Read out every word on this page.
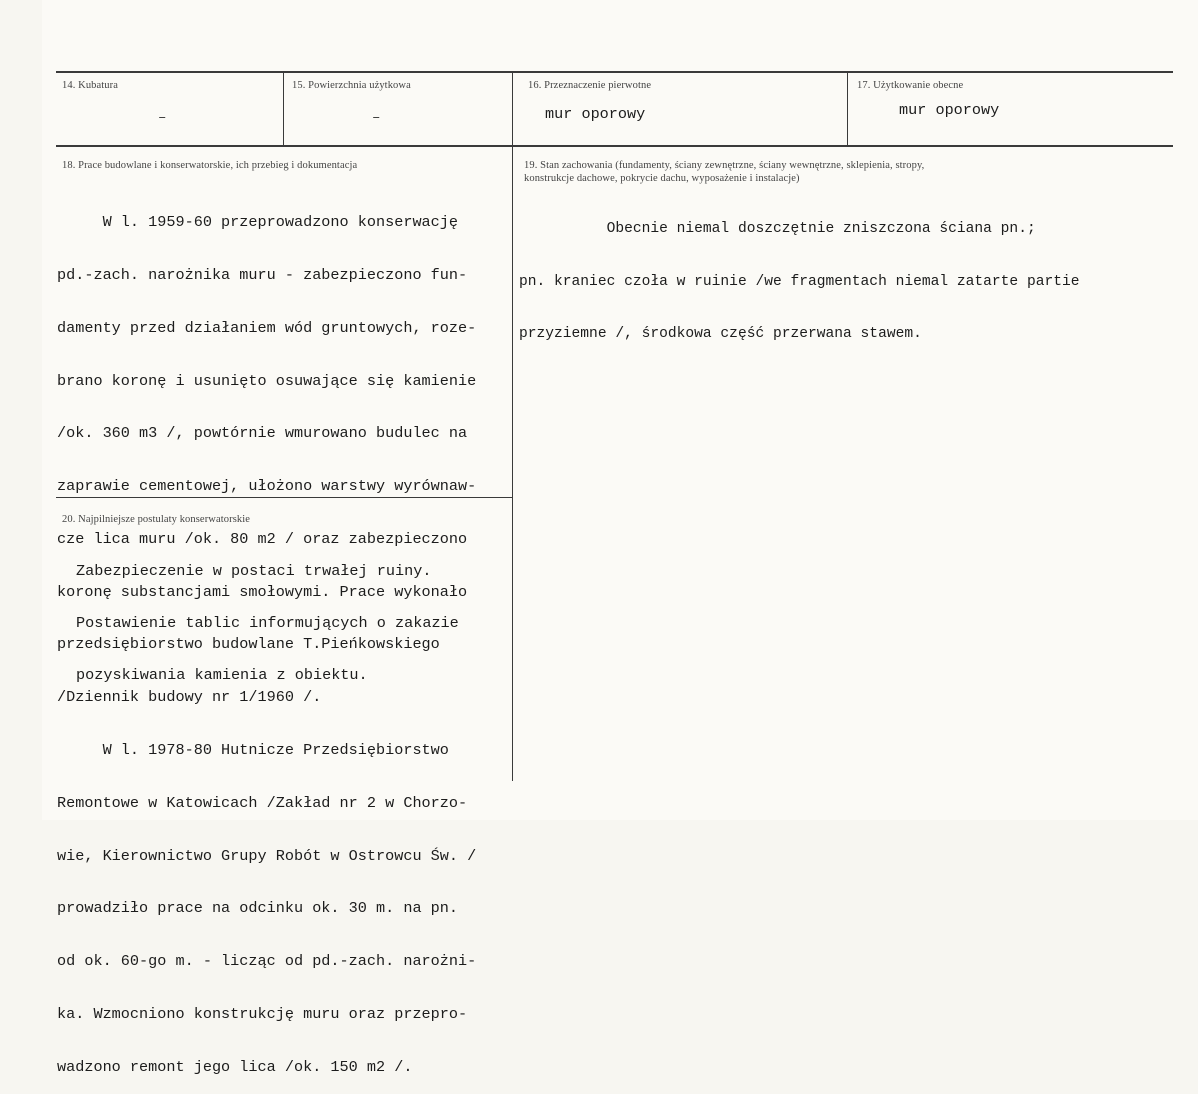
14. Kubatura
–
15. Powierzchnia użytkowa
–
16. Przeznaczenie pierwotne
mur oporowy
17. Użytkowanie obecne
mur oporowy
18. Prace budowlane i konserwatorskie, ich przebieg i dokumentacja

W l. 1959-60 przeprowadzono konserwację

pd.-zach. narożnika muru - zabezpieczono fun-

damenty przed działaniem wód gruntowych, roze-

brano koronę i usunięto osuwające się kamienie

/ok. 360 m3 /, powtórnie wmurowano budulec na

zaprawie cementowej, ułożono warstwy wyrównaw-

cze lica muru /ok. 80 m2 / oraz zabezpieczono

koronę substancjami smołowymi. Prace wykonało

przedsiębiorstwo budowlane T.Pieńkowskiego

/Dziennik budowy nr 1/1960 /.

W l. 1978-80 Hutnicze Przedsiębiorstwo

Remontowe w Katowicach /Zakład nr 2 w Chorzo-

wie, Kierownictwo Grupy Robót w Ostrowcu Św. /

prowadziło prace na odcinku ok. 30 m. na pn.

od ok. 60-go m. - licząc od pd.-zach. narożni-

ka. Wzmocniono konstrukcję muru oraz przepro-

wadzono remont jego lica /ok. 150 m2 /.

19. Stan zachowania (fundamenty, ściany zewnętrzne, ściany wewnętrzne, sklepienia, stropy,
konstrukcje dachowe, pokrycie dachu, wyposażenie i instalacje)

Obecnie niemal doszczętnie zniszczona ściana pn.;

pn. kraniec czoła w ruinie /we fragmentach niemal zatarte partie

przyziemne /, środkowa część przerwana stawem.

20. Najpilniejsze postulaty konserwatorskie

Zabezpieczenie w postaci trwałej ruiny.

Postawienie tablic informujących o zakazie

pozyskiwania kamienia z obiektu.
